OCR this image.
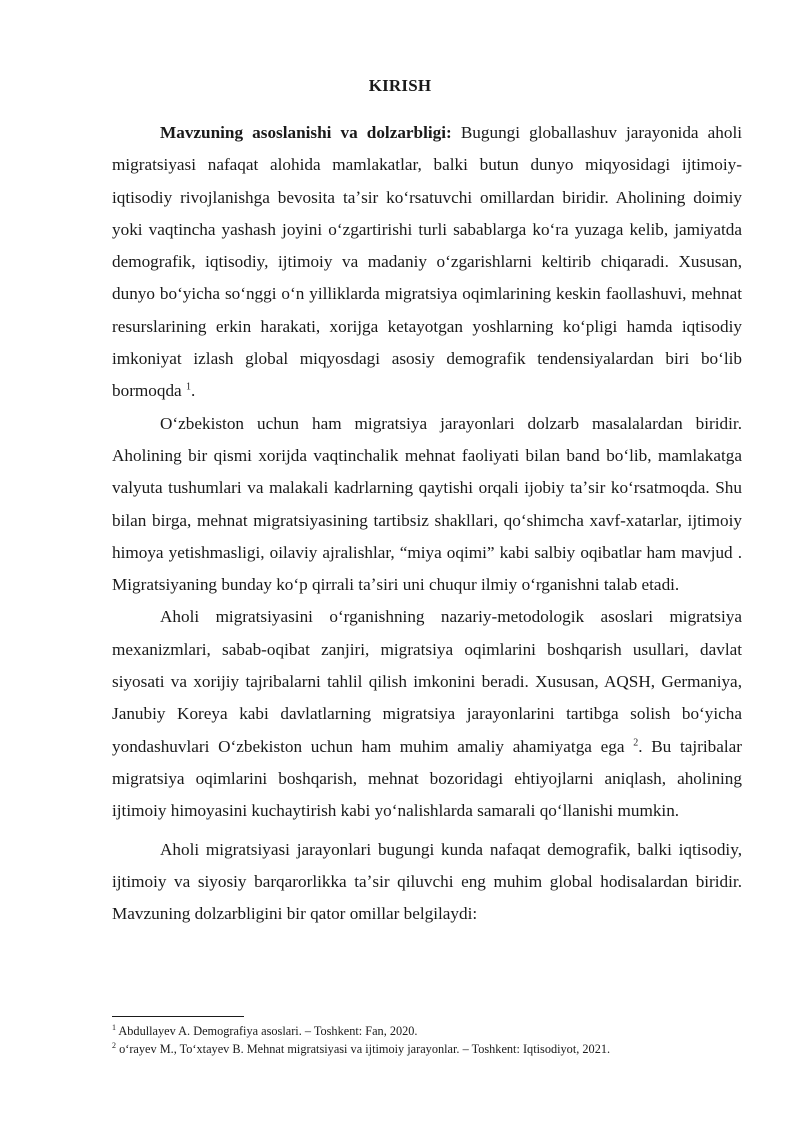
KIRISH

Mavzuning asoslanishi va dolzarbligi: Bugungi globallashuv jarayonida aholi migratsiyasi nafaqat alohida mamlakatlar, balki butun dunyo miqyosidagi ijtimoiy-iqtisodiy rivojlanishga bevosita taʼsir koʻrsatuvchi omillardan biridir. Aholining doimiy yoki vaqtincha yashash joyini oʻzgartirishi turli sabablarga koʻra yuzaga kelib, jamiyatda demografik, iqtisodiy, ijtimoiy va madaniy oʻzgarishlarni keltirib chiqaradi. Xususan, dunyo boʻyicha soʻnggi oʻn yilliklarda migratsiya oqimlarining keskin faollashuvi, mehnat resurslarining erkin harakati, xorijga ketayotgan yoshlarning koʻpligi hamda iqtisodiy imkoniyat izlash global miqyosdagi asosiy demografik tendensiyalardan biri boʻlib bormoqda $^1$.

Oʻzbekiston uchun ham migratsiya jarayonlari dolzarb masalalardan biridir. Aholining bir qismi xorijda vaqtinchalik mehnat faoliyati bilan band boʻlib, mamlakatga valyuta tushumlari va malakali kadrlarning qaytishi orqali ijobiy taʼsir koʻrsatmoqda. Shu bilan birga, mehnat migratsiyasining tartibsiz shakllari, qoʻshimcha xavf-xatarlar, ijtimoiy himoya yetishmasligi, oilaviy ajralishlar, “miya oqimi” kabi salbiy oqibatlar ham mavjud . Migratsiyaning bunday koʻp qirrali taʼsiri uni chuqur ilmiy oʻrganishni talab etadi.

Aholi migratsiyasini oʻrganishning nazariy-metodologik asoslari migratsiya mexanizmlari, sabab-oqibat zanjiri, migratsiya oqimlarini boshqarish usullari, davlat siyosati va xorijiy tajribalarni tahlil qilish imkonini beradi. Xususan, AQSH, Germaniya, Janubiy Koreya kabi davlatlarning migratsiya jarayonlarini tartibga solish boʻyicha yondashuvlari Oʻzbekiston uchun ham muhim amaliy ahamiyatga ega $^2$. Bu tajribalar migratsiya oqimlarini boshqarish, mehnat bozoridagi ehtiyojlarni aniqlash, aholining ijtimoiy himoyasini kuchaytirish kabi yoʻnalishlarda samarali qoʻllanishi mumkin.

Aholi migratsiyasi jarayonlari bugungi kunda nafaqat demografik, balki iqtisodiy, ijtimoiy va siyosiy barqarorlikka taʼsir qiluvchi eng muhim global hodisalardan biridir. Mavzuning dolzarbligini bir qator omillar belgilaydi:

$^1$ Abdullayev A. Demografiya asoslari. – Toshkent: Fan, 2020.

$^2$ oʻrayev M., Toʻxtayev B. Mehnat migratsiyasi va ijtimoiy jarayonlar. – Toshkent: Iqtisodiyot, 2021.
